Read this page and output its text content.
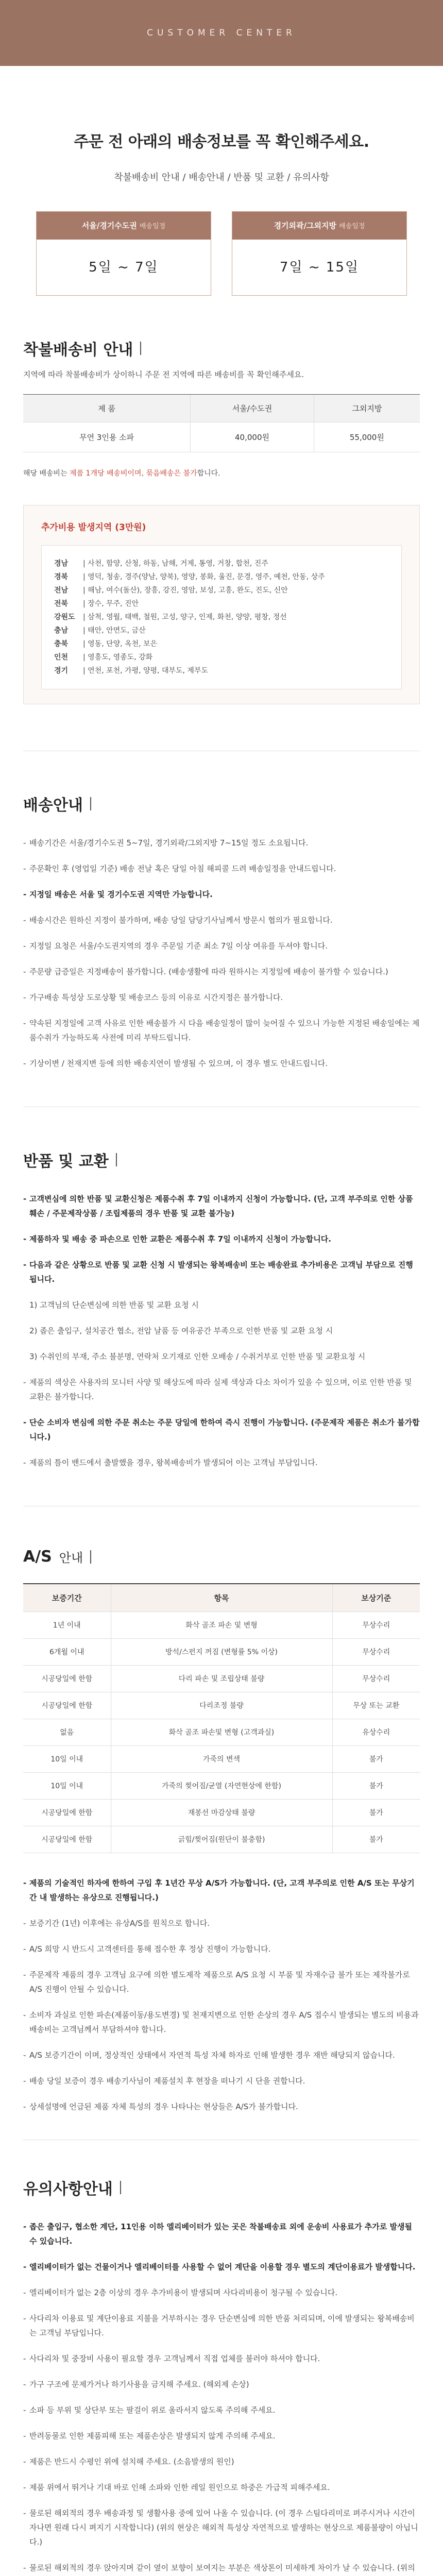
CUSTOMER CENTER
주문 전 아래의 배송정보를 꼭 확인해주세요.
착불배송비 안내 / 배송안내 / 반품 및 교환 / 유의사항
서울/경기수도권 배송일정
5일 ~ 7일
경기외곽/그외지방 배송일정
7일 ~ 15일
착불배송비 안내
지역에 따라 착불배송비가 상이하니 주문 전 지역에 따른 배송비를 꼭 확인해주세요.
제 품	서울/수도권	그외지방
무연 3인용 소파	40,000원	55,000원
해당 배송비는 제품 1개당 배송비이며, 묶음배송은 불가합니다.
추가비용 발생지역 (3만원)
경남	| 사천, 함양, 산청, 하동, 남해, 거제, 통영, 거창, 합천, 진주
경북	| 영덕, 청송, 경주(양남, 양북), 영양, 봉화, 울진, 문경, 영주, 예천, 안동, 상주
전남	| 해남, 여수(돌산), 장흥, 강진, 영암, 보성, 고흥, 완도, 진도, 신안
전북	| 장수, 무주, 진안
강원도	| 삼척, 영월, 태백, 철원, 고성, 양구, 인제, 화천, 양양, 평창, 정선
충남	| 태안, 안면도, 금산
충북	| 영동, 단양, 옥천, 보은
인천	| 영흥도, 영종도, 강화
경기	| 연천, 포천, 가평, 양평, 대부도, 제부도
배송안내
- 배송기간은 서울/경기수도권 5~7일, 경기외곽/그외지방 7~15일 정도 소요됩니다.
- 주문확인 후 (영업일 기준) 배송 전날 혹은 당일 아침 해피콜 드려 배송일정을 안내드립니다.
- 지정일 배송은 서울 및 경기수도권 지역만 가능합니다.
- 배송시간은 원하신 지정이 불가하며, 배송 당일 담당기사님께서 방문시 협의가 필요합니다.
- 지정일 요청은 서울/수도권지역의 경우 주문일 기준 최소 7일 이상 여유를 두셔야 합니다.
- 주문량 급증일은 지정배송이 불가합니다. (배송생활에 따라 원하시는 지정일에 배송이 불가할 수 있습니다.)
- 가구배송 특성상 도로상황 및 배송코스 등의 이유로 시간지정은 불가합니다.
- 약속된 지정일에 고객 사유로 인한 배송불가 시 다음 배송일정이 많이 늦어질 수 있으니 가능한 지정된 배송일에는 제품수취가 가능하도록 사전에 미리 부탁드립니다.
- 기상이변 / 천재지변 등에 의한 배송지연이 발생될 수 있으며, 이 경우 별도 안내드립니다.
반품 및 교환
- 고객변심에 의한 반품 및 교환신청은 제품수취 후 7일 이내까지 신청이 가능합니다. (단, 고객 부주의로 인한 상품훼손 / 주문제작상품 / 조립제품의 경우 반품 및 교환 불가능)
- 제품하자 및 배송 중 파손으로 인한 교환은 제품수취 후 7일 이내까지 신청이 가능합니다.
- 다음과 같은 상황으로 반품 및 교환 신청 시 발생되는 왕복배송비 또는 배송완료 추가비용은 고객님 부담으로 진행됩니다.
1) 고객님의 단순변심에 의한 반품 및 교환 요청 시
2) 좁은 출입구, 설치공간 협소, 전압 날품 등 여유공간 부족으로 인한 반품 및 교환 요청 시
3) 수취인의 부재, 주소 불분명, 연락처 오기재로 인한 오배송 / 수취거부로 인한 반품 및 교환요청 시
- 제품의 색상은 사용자의 모니터 사양 및 해상도에 따라 실제 색상과 다소 차이가 있을 수 있으며, 이로 인한 반품 및 교환은 불가합니다.
- 단순 소비자 변심에 의한 주문 취소는 주문 당일에 한하여 즉시 진행이 가능합니다. (주문제작 제품은 취소가 불가합니다.)
- 제품의 틀이 밴드에서 출발했을 경우, 왕복배송비가 발생되어 이는 고객님 부담입니다.
A/S 안내
보증기간	항목	보상기준
1년 이내	화삭 골조 파손 및 변형	무상수리
6개월 이내	방석/스펀지 꺼짐 (변형률 5% 이상)	무상수리
시공당일에 한함	다리 파손 및 조립상태 불량	무상수리
시공당일에 한함	다리조정 불량	무상 또는 교환
없음	화삭 골조 파손및 변형 (고객과실)	유상수리
10일 이내	가죽의 변색	불가
10일 이내	가죽의 찢어짐/균열 (자연현상에 한함)	불가
시공당일에 한함	재봉선 마감상태 불량	불가
시공당일에 한함	긁힘/찢어짐(원단이 불충함)	불가
- 제품의 기술적인 하자에 한하여 구입 후 1년간 무상 A/S가 가능합니다. (단, 고객 부주의로 인한 A/S 또는 무상기간 내 발생하는 유상으로 진행됩니다.)
- 보증기간 (1년) 이후에는 유상A/S를 원칙으로 합니다.
- A/S 희망 시 반드시 고객센터를 통해 접수한 후 정상 진행이 가능합니다.
- 주문제작 제품의 경우 고객님 요구에 의한 별도제작 제품으로 A/S 요청 시 부품 및 자재수급 불가 또는 제작불가로 A/S 진행이 안될 수 있습니다.
- 소비자 과실로 인한 파손(제품이동/용도변경) 및 천재지변으로 인한 손상의 경우 A/S 접수시 발생되는 별도의 비용과 배송비는 고객님께서 부담하셔야 합니다.
- A/S 보증기간이 이며, 정상적인 상태에서 자연적 특성 자체 하자로 인해 발생한 경우 재반 해당되지 않습니다.
- 배송 당일 보증이 경우 배송기사님이 제품설치 후 현장을 떠나기 시 단을 권합니다.
- 상세설명에 언급된 제품 자체 특성의 경우 나타나는 현상들은 A/S가 불가합니다.
유의사항안내
- 좁은 출입구, 협소한 계단, 11인용 이하 엘리베이터가 있는 곳은 착불배송료 외에 운송비 사용료가 추가로 발생될 수 있습니다.
- 엘리베이터가 없는 건물이거나 엘리베이터를 사용할 수 없어 계단을 이용할 경우 별도의 계단이용료가 발생합니다.
- 엘리베이터가 없는 2층 이상의 경우 추가비용이 발생되며 사다리비용이 청구될 수 있습니다.
- 사다리차 이용료 및 계단이용료 지불을 거부하시는 경우 단순변심에 의한 반품 처리되며, 이에 발생되는 왕복배송비는 고객님 부담입니다.
- 사다리차 및 중장비 사용이 필요할 경우 고객님께서 직접 업체를 불러야 하셔야 합니다.
- 가구 구조에 문제가거나 하기사용을 금지해 주세요. (해외제 손상)
- 소파 등 부위 및 상단부 또는 팔걸이 위로 올라서지 않도록 주의해 주세요.
- 반려동물로 인한 제품피해 또는 제품손상은 발생되지 않게 주의해 주세요.
- 제품은 반드시 수평인 위에 설치해 주세요. (소음발생의 원인)
- 제품 위에서 뛰거나 기대 바로 인해 소파와 인한 레일 원인으로 하중은 가급적 피해주세요.
- 물로된 해외적의 경우 배송과정 및 생활사용 중에 있어 나올 수 있습니다. (이 경우 스팀다리미로 펴주시거나 시간이 자나면 원래 다시 펴지기 시작합니다) (위의 현상은 해외적 특성상 자연적으로 발생하는 현상으로 제품불량이 아닙니다.)
- 물로된 해외적의 경우 앉아지며 같이 옆이 보향이 보여지는 부분은 색상톤이 미세하게 차이가 날 수 있습니다. (위의
